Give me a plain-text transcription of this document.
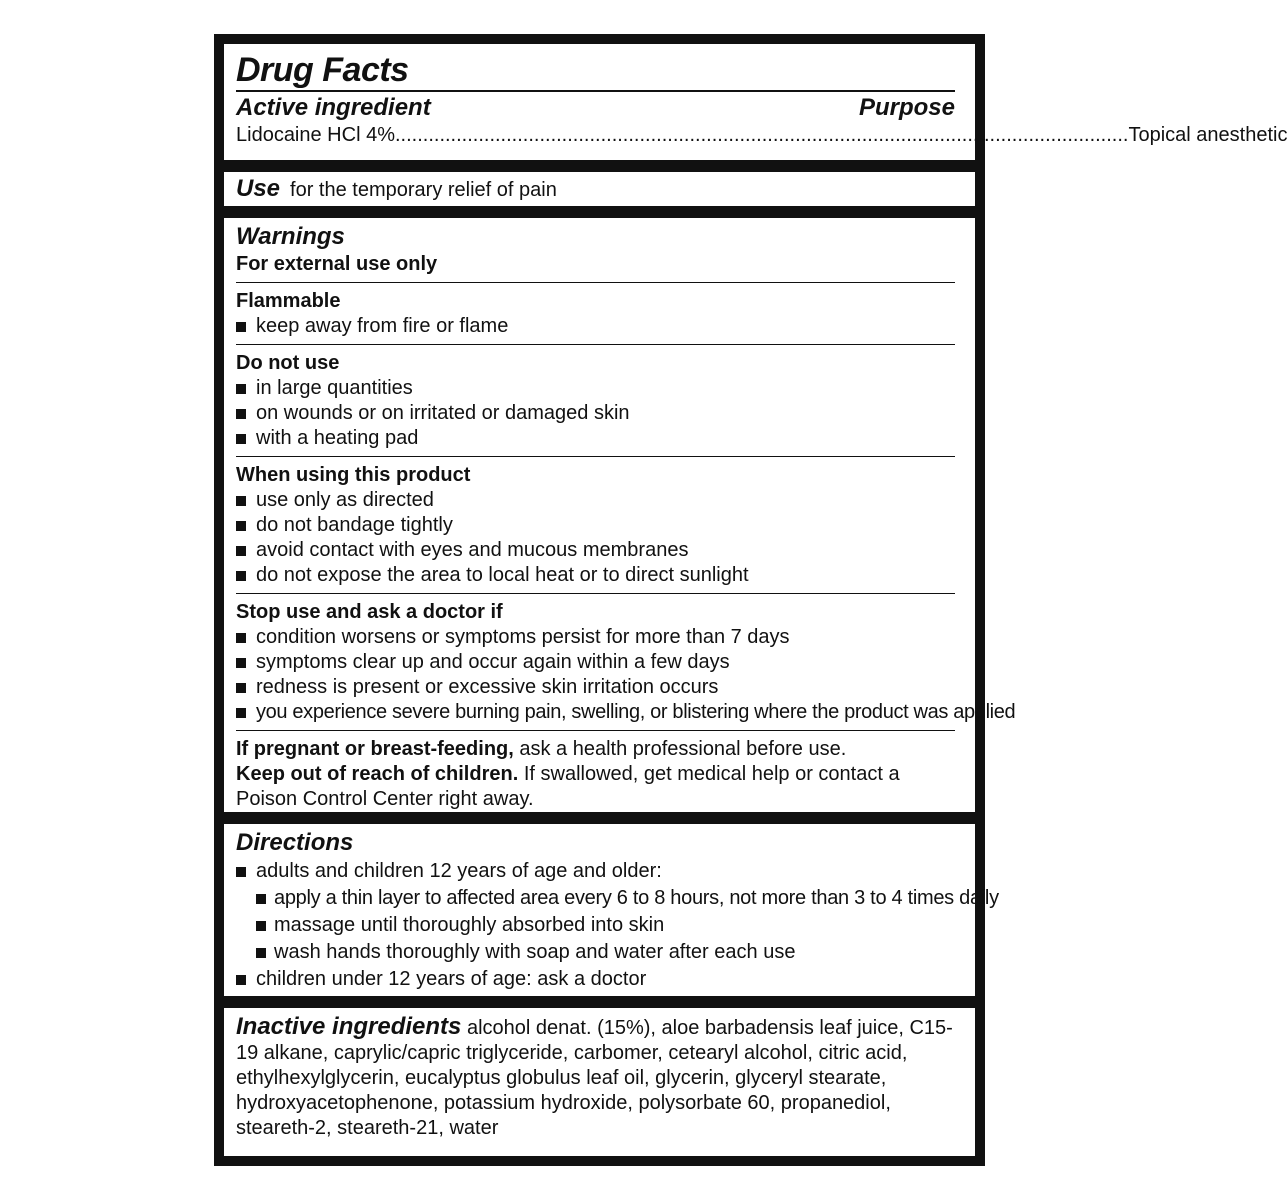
Drug Facts
Active ingredient	Purpose
Lidocaine HCl 4% .................................................................................................................................... Topical anesthetic
Use for the temporary relief of pain
Warnings
For external use only
Flammable
keep away from fire or flame
Do not use
in large quantities
on wounds or on irritated or damaged skin
with a heating pad
When using this product
use only as directed
do not bandage tightly
avoid contact with eyes and mucous membranes
do not expose the area to local heat or to direct sunlight
Stop use and ask a doctor if
condition worsens or symptoms persist for more than 7 days
symptoms clear up and occur again within a few days
redness is present or excessive skin irritation occurs
you experience severe burning pain, swelling, or blistering where the product was applied
If pregnant or breast-feeding, ask a health professional before use.
Keep out of reach of children. If swallowed, get medical help or contact a Poison Control Center right away.
Directions
adults and children 12 years of age and older:
apply a thin layer to affected area every 6 to 8 hours, not more than 3 to 4 times daily
massage until thoroughly absorbed into skin
wash hands thoroughly with soap and water after each use
children under 12 years of age: ask a doctor
Inactive ingredients alcohol denat. (15%), aloe barbadensis leaf juice, C15-19 alkane, caprylic/capric triglyceride, carbomer, cetearyl alcohol, citric acid, ethylhexylglycerin, eucalyptus globulus leaf oil, glycerin, glyceryl stearate, hydroxyacetophenone, potassium hydroxide, polysorbate 60, propanediol, steareth-2, steareth-21, water
